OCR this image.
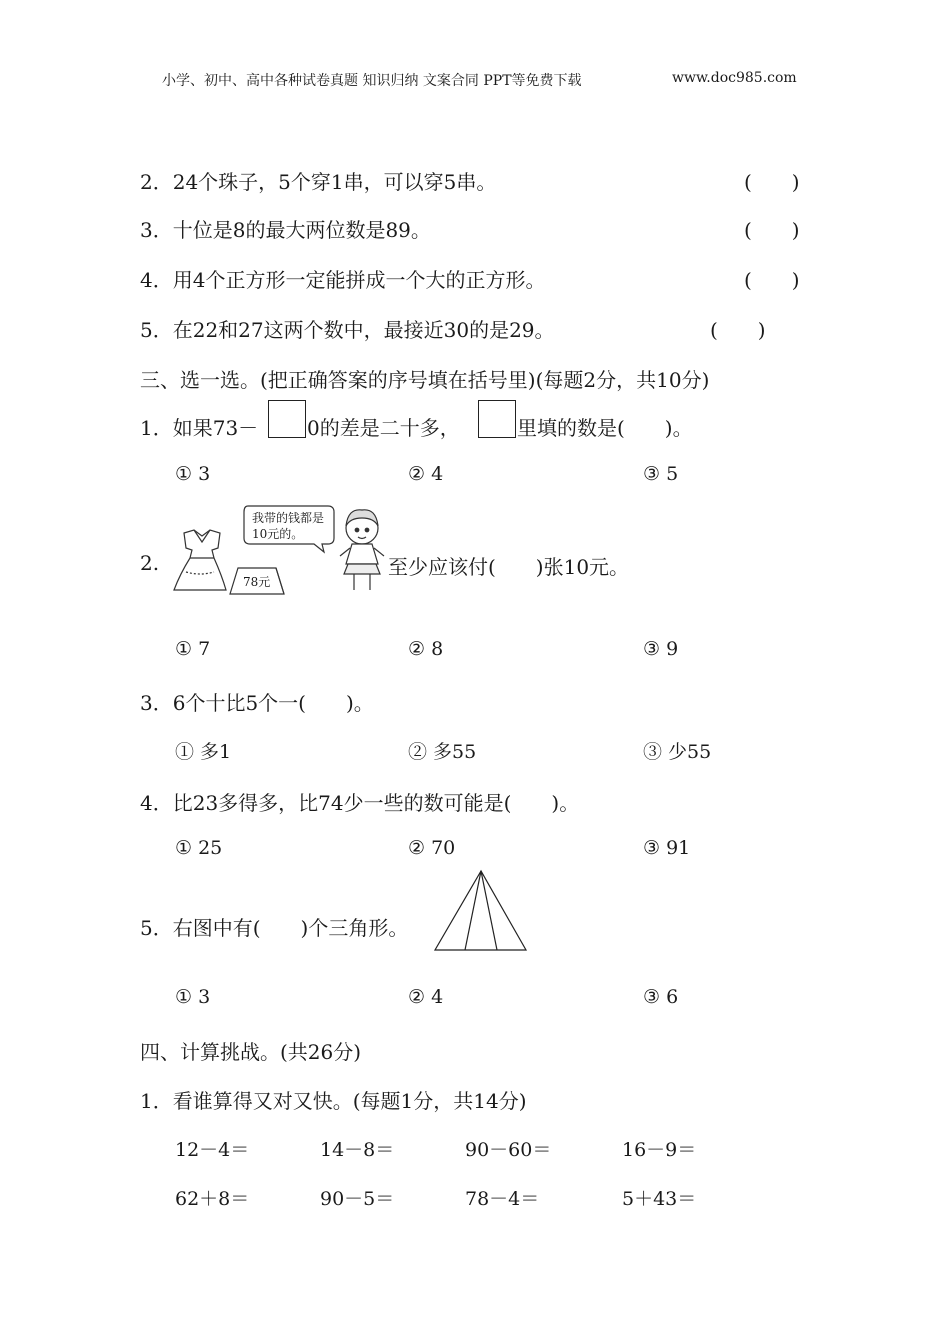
小学、初中、高中各种试卷真题 知识归纳 文案合同 PPT等免费下载	www.doc985.com
2．24个珠子，5个穿1串，可以穿5串。	(　　)
3．十位是8的最大两位数是89。	(　　)
4．用4个正方形一定能拼成一个大的正方形。	(　　)
5．在22和27这两个数中，最接近30的是29。	(　　)
三、选一选。(把正确答案的序号填在括号里)(每题2分，共10分)
1．如果73－ 0的差是二十多，	里填的数是(　　)。
① 3	② 4	③ 5
2.
我带的钱都是10元的。
78元
至少应该付(　　)张10元。
① 7	② 8	③ 9
3．6个十比5个一(　　)。
① 多1	② 多55	③ 少55
4．比23多得多，比74少一些的数可能是(　　)。
① 25	② 70	③ 91
5．右图中有(　　)个三角形。
① 3	② 4	③ 6
四、计算挑战。(共26分)
1．看谁算得又对又快。(每题1分，共14分)
12－4＝	14－8＝	90－60＝	16－9＝
62＋8＝	90－5＝	78－4＝	5＋43＝
